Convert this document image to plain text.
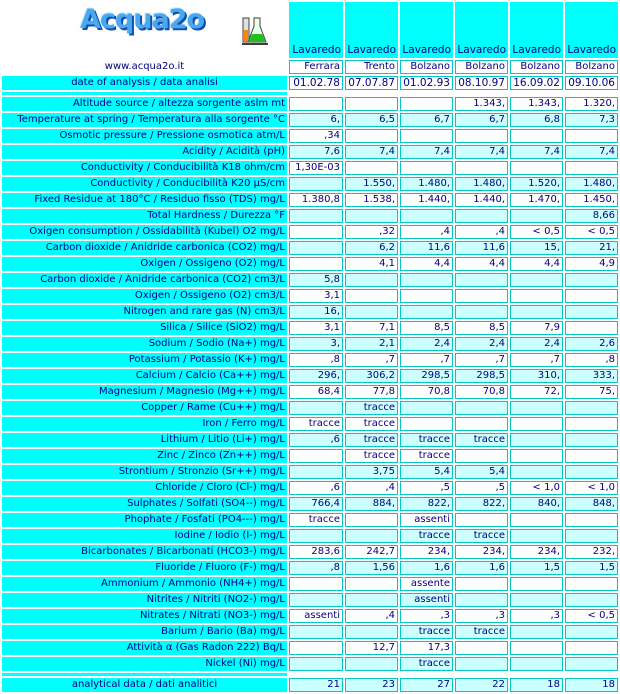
Acqua2o	Lavaredo	Lavaredo	Lavaredo	Lavaredo	Lavaredo	Lavaredo
www.acqua2o.it	Ferrara	Trento	Bolzano	Bolzano	Bolzano	Bolzano
date of analysis / data analisi	01.02.78	07.07.87	01.02.93	08.10.97	16.09.02	09.10.06

Altitude source / altezza sorgente aslm mt				1.343,	1.343,	1.320,
Temperature at spring / Temperatura alla sorgente °C	6,	6,5	6,7	6,7	6,8	7,3
Osmotic pressure / Pressione osmotica atm/L	,34					
Acidity / Acidità (pH)	7,6	7,4	7,4	7,4	7,4	7,4
Conductivity / Conducibilità K18 ohm/cm	1,30E-03					
Conductivity / Conducibilità K20 µS/cm		1.550,	1.480,	1.480,	1.520,	1.480,
Fixed Residue at 180°C / Residuo fisso (TDS) mg/L	1.380,8	1.538,	1.440,	1.440,	1.470,	1.450,
Total Hardness / Durezza °F						8,66
Oxigen consumption / Ossidabilità (Kubel) O2 mg/L		,32	,4	,4	< 0,5	< 0,5
Carbon dioxide / Anidride carbonica (CO2) mg/L		6,2	11,6	11,6	15,	21,
Oxigen / Ossigeno (O2) mg/L		4,1	4,4	4,4	4,4	4,9
Carbon dioxide / Anidride carbonica (CO2) cm3/L	5,8					
Oxigen / Ossigeno (O2) cm3/L	3,1					
Nitrogen and rare gas (N) cm3/L	16,					
Silica / Silice (SiO2) mg/L	3,1	7,1	8,5	8,5	7,9	
Sodium / Sodio (Na+) mg/L	3,	2,1	2,4	2,4	2,4	2,6
Potassium / Potassio (K+) mg/L	,8	,7	,7	,7	,7	,8
Calcium / Calcio (Ca++) mg/L	296,	306,2	298,5	298,5	310,	333,
Magnesium / Magnesio (Mg++) mg/L	68,4	77,8	70,8	70,8	72,	75,
Copper / Rame (Cu++) mg/L		tracce				
Iron / Ferro mg/L	tracce	tracce				
Lithium / Litio (Li+) mg/L	,6	tracce	tracce	tracce		
Zinc / Zinco (Zn++) mg/L		tracce	tracce			
Strontium / Stronzio (Sr++) mg/L		3,75	5,4	5,4		
Chloride / Cloro (Cl-) mg/L	,6	,4	,5	,5	< 1,0	< 1,0
Sulphates / Solfati (SO4--) mg/L	766,4	884,	822,	822,	840,	848,
Phophate / Fosfati (PO4---) mg/L	tracce		assenti			
Iodine / Iodio (I-) mg/L			tracce	tracce		
Bicarbonates / Bicarbonati (HCO3-) mg/L	283,6	242,7	234,	234,	234,	232,
Fluoride / Fluoro (F-) mg/L	,8	1,56	1,6	1,6	1,5	1,5
Ammonium / Ammonio (NH4+) mg/L			assente			
Nitrites / Nitriti (NO2-) mg/L			assenti			
Nitrates / Nitrati (NO3-) mg/L	assenti	,4	,3	,3	,3	< 0,5
Barium / Bario (Ba) mg/L			tracce	tracce		
Attività α (Gas Radon 222) Bq/L		12,7	17,3			
Nickel (Ni) mg/L			tracce			

analytical data / dati analitici	21	23	27	22	18	18
